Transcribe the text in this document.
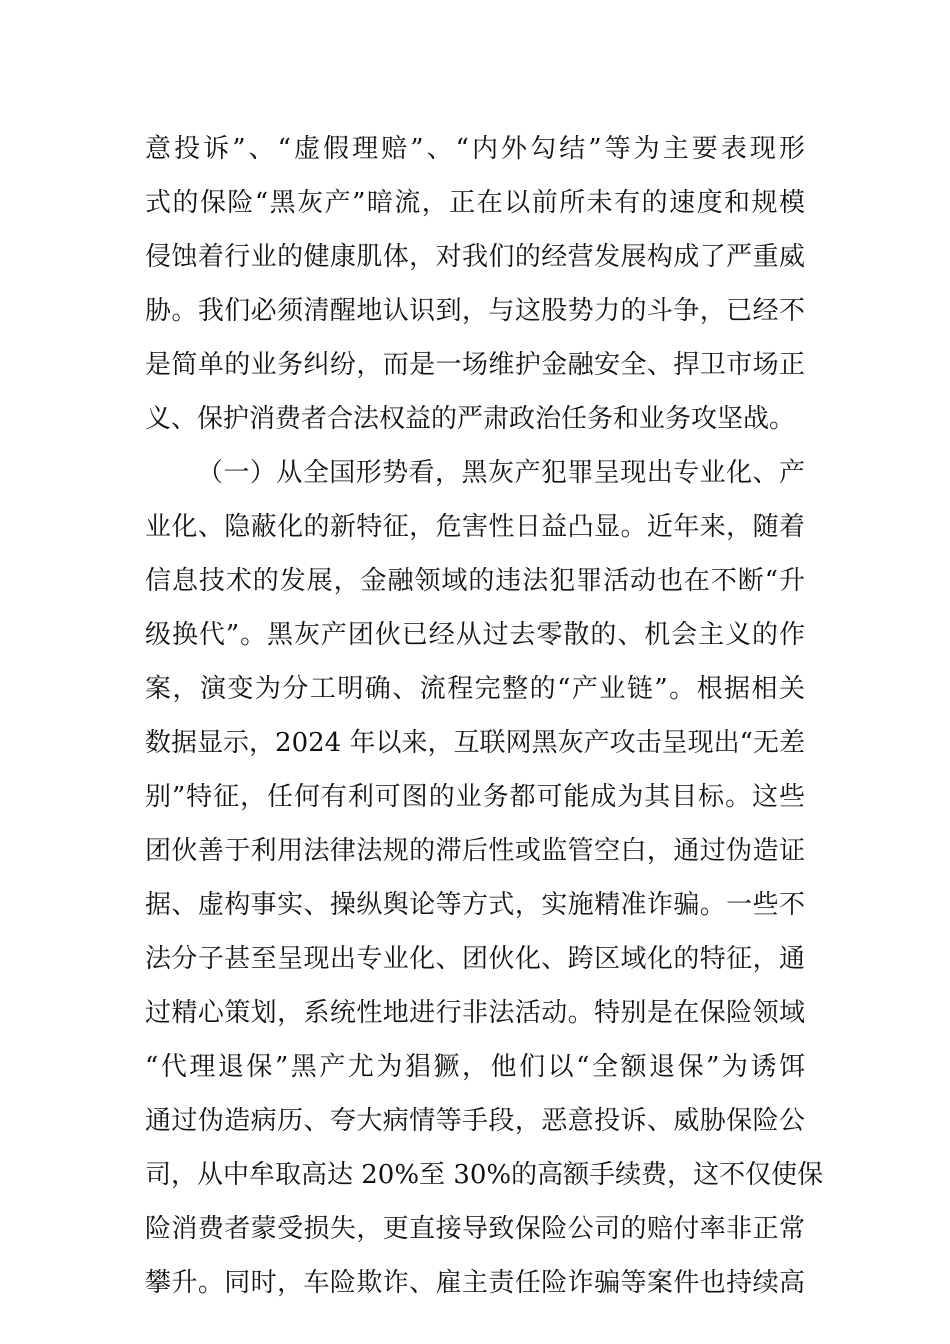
意投诉”、“虚假理赔”、“内外勾结”等为主要表现形
式的保险“黑灰产”暗流，正在以前所未有的速度和规模
侵蚀着行业的健康肌体，对我们的经营发展构成了严重威
胁。我们必须清醒地认识到，与这股势力的斗争，已经不
是简单的业务纠纷，而是一场维护金融安全、捍卫市场正
义、保护消费者合法权益的严肃政治任务和业务攻坚战。
（一）从全国形势看，黑灰产犯罪呈现出专业化、产
业化、隐蔽化的新特征，危害性日益凸显。近年来，随着
信息技术的发展，金融领域的违法犯罪活动也在不断“升
级换代”。黑灰产团伙已经从过去零散的、机会主义的作
案，演变为分工明确、流程完整的“产业链”。根据相关
数据显示，2024 年以来，互联网黑灰产攻击呈现出“无差
别”特征，任何有利可图的业务都可能成为其目标。这些
团伙善于利用法律法规的滞后性或监管空白，通过伪造证
据、虚构事实、操纵舆论等方式，实施精准诈骗。一些不
法分子甚至呈现出专业化、团伙化、跨区域化的特征，通
过精心策划，系统性地进行非法活动。特别是在保险领域
“代理退保”黑产尤为猖獗，他们以“全额退保”为诱饵
通过伪造病历、夸大病情等手段，恶意投诉、威胁保险公
司，从中牟取高达 20%至 30%的高额手续费，这不仅使保
险消费者蒙受损失，更直接导致保险公司的赔付率非正常
攀升。同时，车险欺诈、雇主责任险诈骗等案件也持续高
